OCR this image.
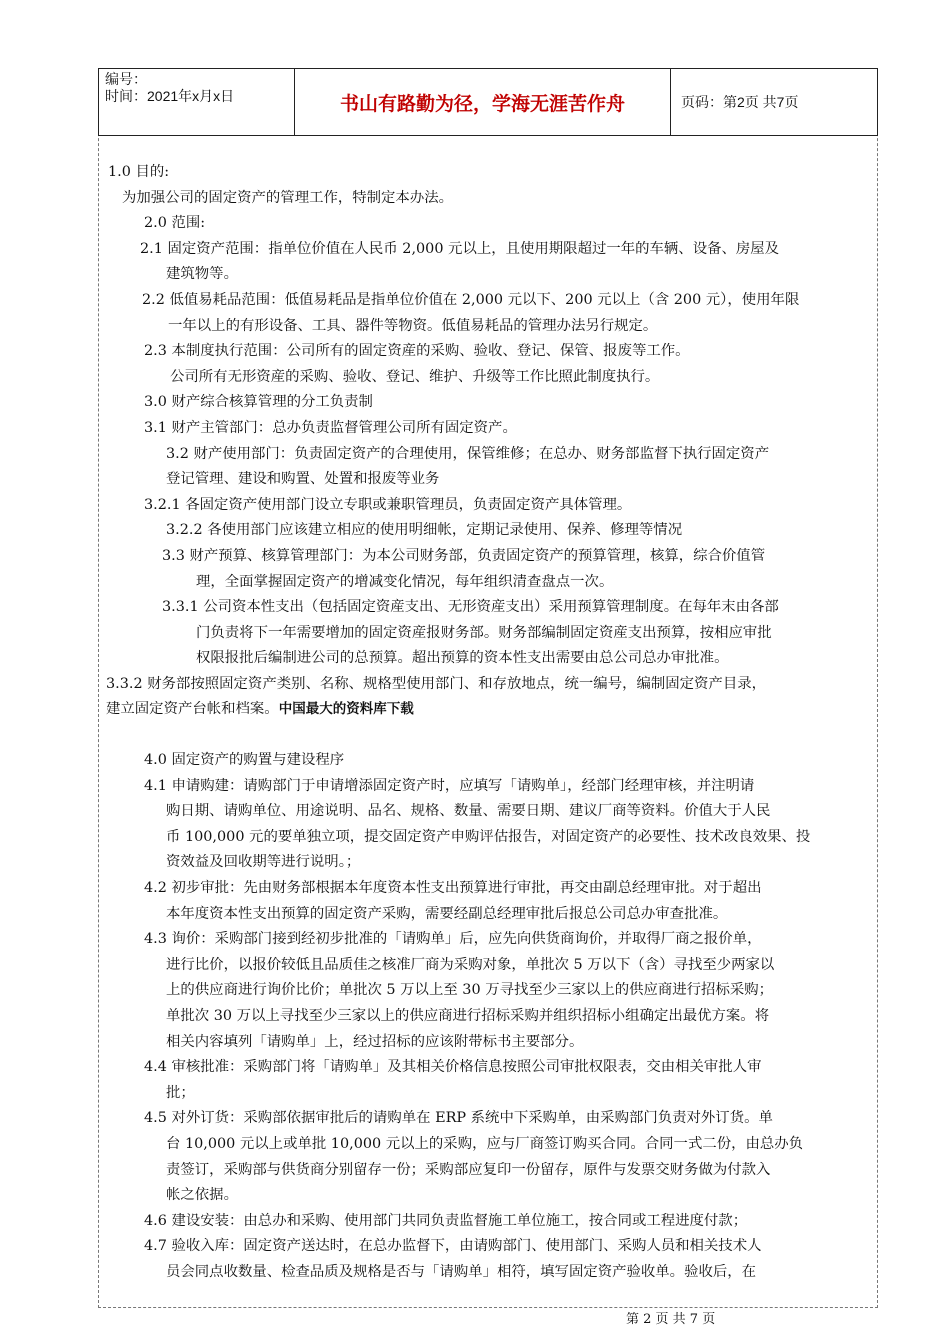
编号：
时间：2021年x月x日	书山有路勤为径，学海无涯苦作舟	页码：第2页 共7页
1.0 目的:
为加强公司的固定资产的管理工作，特制定本办法。
2.0 范围:
2.1 固定资产范围：指单位价值在人民币 2,000 元以上，且使用期限超过一年的车辆、设备、房屋及
建筑物等。
2.2 低值易耗品范围：低值易耗品是指单位价值在 2,000 元以下、200 元以上（含 200 元），使用年限
一年以上的有形设备、工具、器件等物资。低值易耗品的管理办法另行规定。
2.3 本制度执行范围：公司所有的固定资産的采购、验收、登记、保管、报废等工作。
公司所有无形资産的采购、验收、登记、维护、升级等工作比照此制度执行。
3.0 财产综合核算管理的分工负责制
3.1 财产主管部门：总办负责监督管理公司所有固定资产。
3.2 财产使用部门：负责固定资产的合理使用，保管维修；在总办、财务部监督下执行固定资产
登记管理、建设和购置、处置和报废等业务
3.2.1 各固定资产使用部门设立专职或兼职管理员，负责固定资产具体管理。
3.2.2 各使用部门应该建立相应的使用明细帐，定期记录使用、保养、修理等情况
3.3 财产预算、核算管理部门：为本公司财务部，负责固定资产的预算管理，核算，综合价值管
理，全面掌握固定资产的增减变化情况，每年组织清查盘点一次。
3.3.1 公司资本性支出（包括固定资産支出、无形资産支出）采用预算管理制度。在每年末由各部
门负责将下一年需要增加的固定资産报财务部。财务部编制固定资産支出预算，按相应审批
权限报批后编制进公司的总预算。超出预算的资本性支出需要由总公司总办审批准。
3.3.2 财务部按照固定资产类别、名称、规格型使用部门、和存放地点，统一编号，编制固定资产目录，
建立固定资产台帐和档案。中国最大的资料库下载
4.0 固定资产的购置与建设程序
4.1 申请购建：请购部门于申请增添固定资产时，应填写「请购单」，经部门经理审核，并注明请
购日期、请购单位、用途说明、品名、规格、数量、需要日期、建议厂商等资料。价值大于人民
币 100,000 元的要单独立项，提交固定资产申购评估报告，对固定资产的必要性、技术改良效果、投
资效益及回收期等进行说明。；
4.2 初步审批：先由财务部根据本年度资本性支出预算进行审批，再交由副总经理审批。对于超出
本年度资本性支出预算的固定资产采购，需要经副总经理审批后报总公司总办审查批准。
4.3 询价：采购部门接到经初步批准的「请购单」后，应先向供货商询价，并取得厂商之报价单，
进行比价，以报价较低且品质佳之核准厂商为采购对象，单批次 5 万以下（含）寻找至少两家以
上的供应商进行询价比价；单批次 5 万以上至 30 万寻找至少三家以上的供应商进行招标采购；
单批次 30 万以上寻找至少三家以上的供应商进行招标采购并组织招标小组确定出最优方案。将
相关内容填列「请购单」上，经过招标的应该附带标书主要部分。
4.4 审核批准：采购部门将「请购单」及其相关价格信息按照公司审批权限表，交由相关审批人审
批；
4.5 对外订货：采购部依据审批后的请购单在 ERP 系统中下采购单，由采购部门负责对外订货。单
台 10,000 元以上或单批 10,000 元以上的采购，应与厂商签订购买合同。合同一式二份，由总办负
责签订，采购部与供货商分别留存一份；采购部应复印一份留存，原件与发票交财务做为付款入
帐之依据。
4.6 建设安装：由总办和采购、使用部门共同负责监督施工单位施工，按合同或工程进度付款；
4.7 验收入库：固定资产送达时，在总办监督下，由请购部门、使用部门、采购人员和相关技术人
员会同点收数量、检查品质及规格是否与「请购单」相符，填写固定资产验收单。验收后，在
第 2 页 共 7 页
